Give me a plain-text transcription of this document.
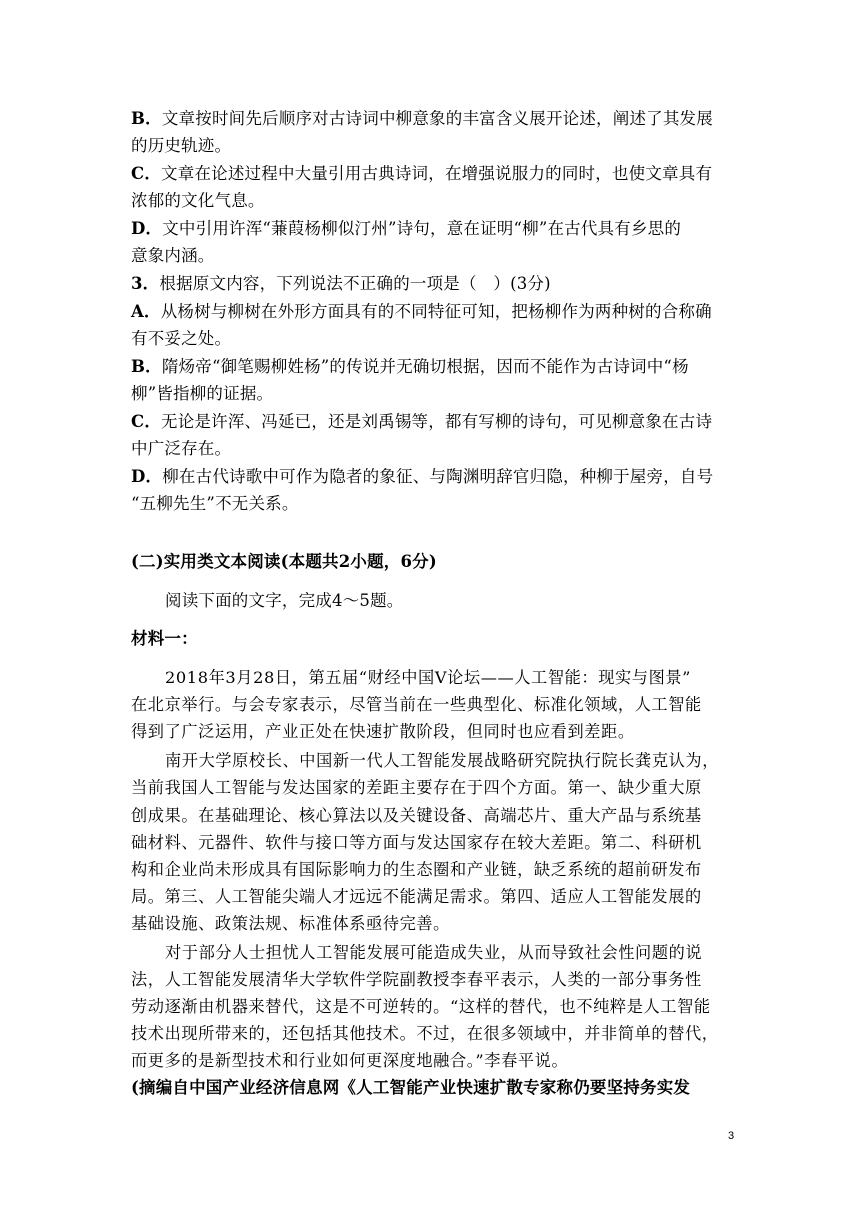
B．文章按时间先后顺序对古诗词中柳意象的丰富含义展开论述，阐述了其发展
的历史轨迹。
C．文章在论述过程中大量引用古典诗词，在增强说服力的同时，也使文章具有
浓郁的文化气息。
D．文中引用许浑“蒹葭杨柳似汀州”诗句，意在证明“柳”在古代具有乡思的
意象内涵。
3．根据原文内容，下列说法不正确的一项是（　）(3分)
A．从杨树与柳树在外形方面具有的不同特征可知，把杨柳作为两种树的合称确
有不妥之处。
B．隋炀帝“御笔赐柳姓杨”的传说并无确切根据，因而不能作为古诗词中“杨
柳”皆指柳的证据。
C．无论是许浑、冯延已，还是刘禹锡等，都有写柳的诗句，可见柳意象在古诗
中广泛存在。
D．柳在古代诗歌中可作为隐者的象征、与陶渊明辞官归隐，种柳于屋旁，自号
“五柳先生”不无关系。
(二)实用类文本阅读(本题共2小题，6分)
阅读下面的文字，完成4～5题。
材料一：
2018年3月28日，第五届“财经中国V论坛——人工智能：现实与图景”
在北京举行。与会专家表示，尽管当前在一些典型化、标准化领域，人工智能
得到了广泛运用，产业正处在快速扩散阶段，但同时也应看到差距。
南开大学原校长、中国新一代人工智能发展战略研究院执行院长龚克认为，
当前我国人工智能与发达国家的差距主要存在于四个方面。第一、缺少重大原
创成果。在基础理论、核心算法以及关键设备、高端芯片、重大产品与系统基
础材料、元器件、软件与接口等方面与发达国家存在较大差距。第二、科研机
构和企业尚未形成具有国际影响力的生态圈和产业链，缺乏系统的超前研发布
局。第三、人工智能尖端人才远远不能满足需求。第四、适应人工智能发展的
基础设施、政策法规、标准体系亟待完善。
对于部分人士担忧人工智能发展可能造成失业，从而导致社会性问题的说
法，人工智能发展清华大学软件学院副教授李春平表示，人类的一部分事务性
劳动逐渐由机器来替代，这是不可逆转的。“这样的替代，也不纯粹是人工智能
技术出现所带来的，还包括其他技术。不过，在很多领域中，并非简单的替代，
而更多的是新型技术和行业如何更深度地融合。”李春平说。
(摘编自中国产业经济信息网《人工智能产业快速扩散专家称仍要坚持务实发
3
